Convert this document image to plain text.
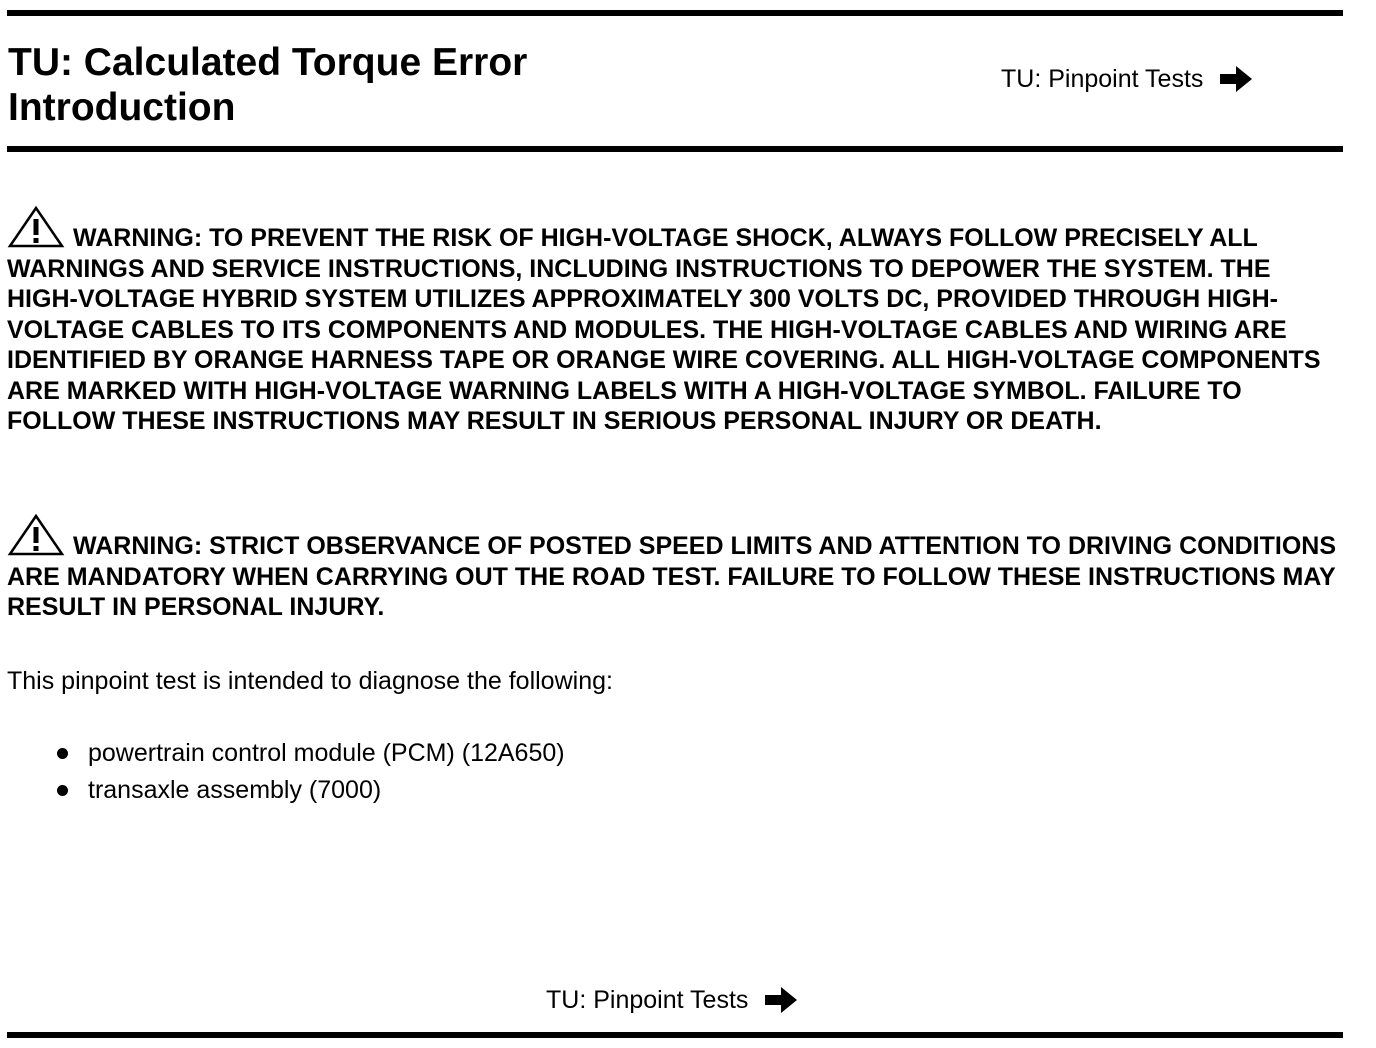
TU: Calculated Torque Error
Introduction
TU: Pinpoint Tests

WARNING: TO PREVENT THE RISK OF HIGH-VOLTAGE SHOCK, ALWAYS FOLLOW PRECISELY ALL WARNINGS AND SERVICE INSTRUCTIONS, INCLUDING INSTRUCTIONS TO DEPOWER THE SYSTEM. THE HIGH-VOLTAGE HYBRID SYSTEM UTILIZES APPROXIMATELY 300 VOLTS DC, PROVIDED THROUGH HIGH-VOLTAGE CABLES TO ITS COMPONENTS AND MODULES. THE HIGH-VOLTAGE CABLES AND WIRING ARE IDENTIFIED BY ORANGE HARNESS TAPE OR ORANGE WIRE COVERING. ALL HIGH-VOLTAGE COMPONENTS ARE MARKED WITH HIGH-VOLTAGE WARNING LABELS WITH A HIGH-VOLTAGE SYMBOL. FAILURE TO FOLLOW THESE INSTRUCTIONS MAY RESULT IN SERIOUS PERSONAL INJURY OR DEATH.

WARNING: STRICT OBSERVANCE OF POSTED SPEED LIMITS AND ATTENTION TO DRIVING CONDITIONS ARE MANDATORY WHEN CARRYING OUT THE ROAD TEST. FAILURE TO FOLLOW THESE INSTRUCTIONS MAY RESULT IN PERSONAL INJURY.

This pinpoint test is intended to diagnose the following:

powertrain control module (PCM) (12A650)
transaxle assembly (7000)
TU: Pinpoint Tests
